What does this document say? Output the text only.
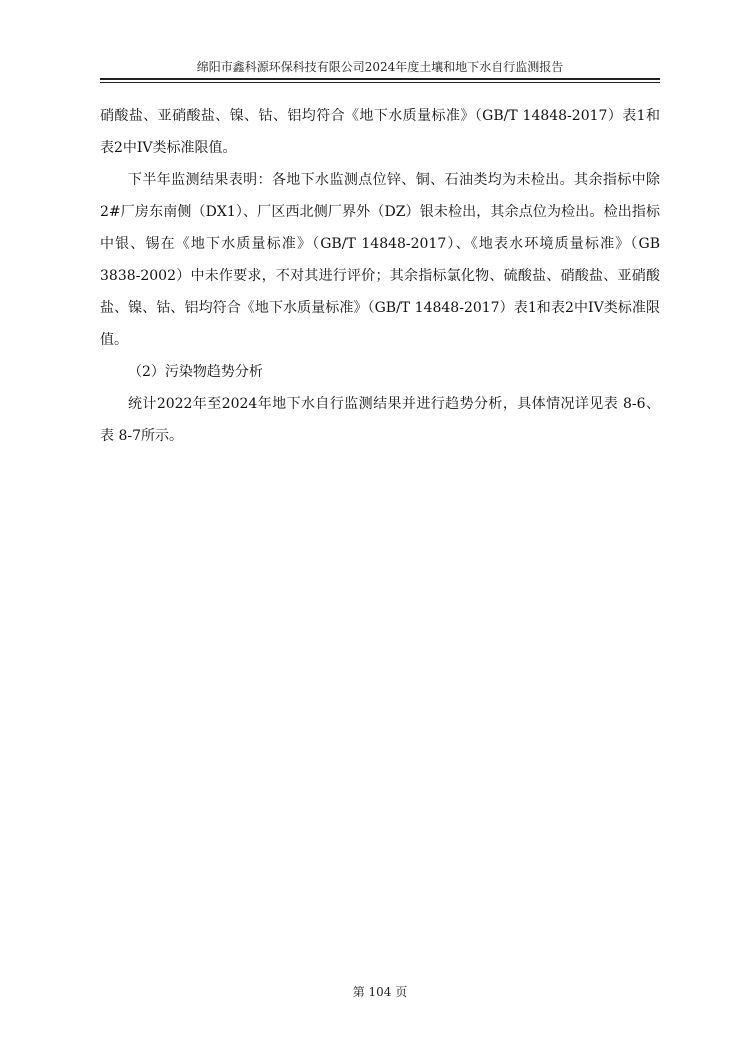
绵阳市鑫科源环保科技有限公司2024年度土壤和地下水自行监测报告

硝酸盐、亚硝酸盐、镍、钴、铝均符合《地下水质量标准》（GB/T 14848-2017）表1和表2中IV类标准限值。

下半年监测结果表明：各地下水监测点位锌、铜、石油类均为未检出。其余指标中除2#厂房东南侧（DX1）、厂区西北侧厂界外（DZ）银未检出，其余点位为检出。检出指标中银、锡在《地下水质量标准》（GB/T 14848-2017）、《地表水环境质量标准》（GB 3838-2002）中未作要求，不对其进行评价；其余指标氯化物、硫酸盐、硝酸盐、亚硝酸盐、镍、钴、铝均符合《地下水质量标准》（GB/T 14848-2017）表1和表2中IV类标准限值。

（2）污染物趋势分析

统计2022年至2024年地下水自行监测结果并进行趋势分析，具体情况详见表 8-6、表 8-7所示。

第 104 页
